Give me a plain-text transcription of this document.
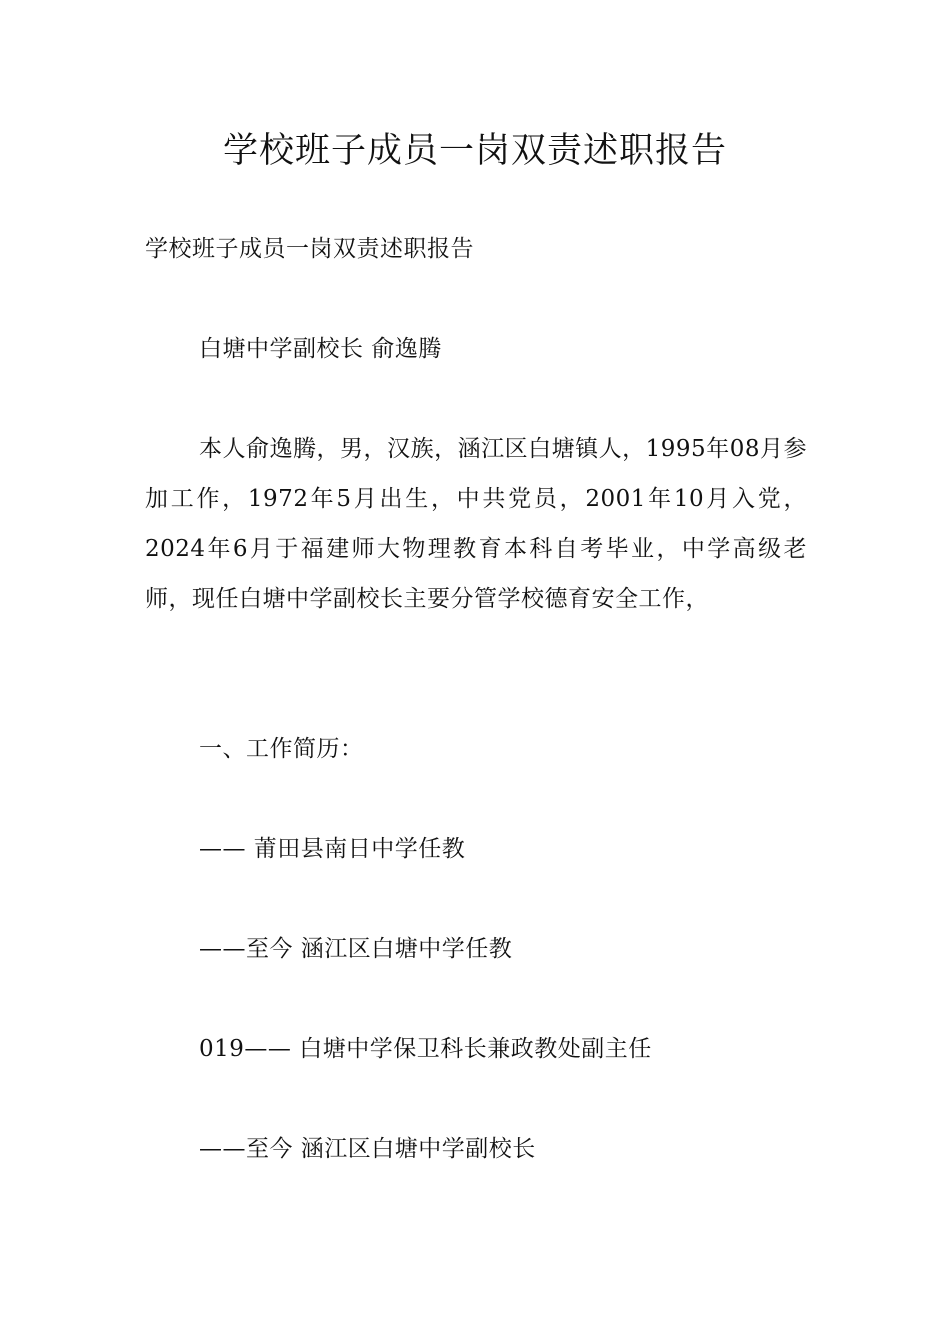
学校班子成员一岗双责述职报告
学校班子成员一岗双责述职报告
白塘中学副校长 俞逸腾

本人俞逸腾，男，汉族，涵江区白塘镇人，1995年08月参加工作，1972年5月出生，中共党员，2001年10月入党，2024年6月于福建师大物理教育本科自考毕业，中学高级老师，现任白塘中学副校长主要分管学校德育安全工作，

一、工作简历：
—— 莆田县南日中学任教
——至今 涵江区白塘中学任教
019—— 白塘中学保卫科长兼政教处副主任
——至今 涵江区白塘中学副校长
